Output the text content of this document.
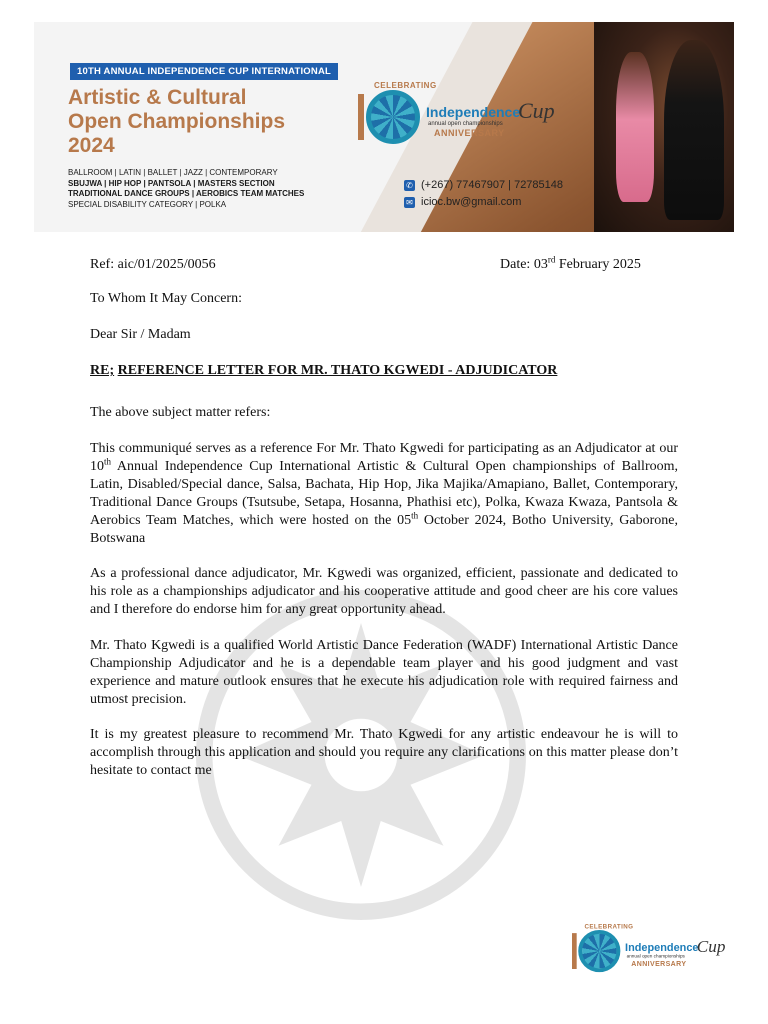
10TH ANNUAL INDEPENDENCE CUP INTERNATIONAL
Artistic & Cultural
Open Championships
2024
BALLROOM | LATIN | BALLET | JAZZ | CONTEMPORARY
SBUJWA | HIP HOP | PANTSOLA | MASTERS SECTION
TRADITIONAL DANCE GROUPS | AEROBICS TEAM MATCHES
SPECIAL DISABILITY CATEGORY | POLKA
CELEBRATING
Independence
annual open championships
ANNIVERSARY
Cup
✆ (+267) 77467907 | 72785148
✉ icioc.bw@gmail.com
Ref: aic/01/2025/0056	Date: 03rd February 2025
To Whom It May Concern:
Dear Sir / Madam
RE; REFERENCE LETTER FOR MR. THATO KGWEDI - ADJUDICATOR
The above subject matter refers:
This communiqué serves as a reference For Mr. Thato Kgwedi for participating as an Adjudicator at our 10th Annual Independence Cup International Artistic & Cultural Open championships of Ballroom, Latin, Disabled/Special dance, Salsa, Bachata, Hip Hop, Jika Majika/Amapiano, Ballet, Contemporary, Traditional Dance Groups (Tsutsube, Setapa, Hosanna, Phathisi etc), Polka, Kwaza Kwaza, Pantsola & Aerobics Team Matches, which were hosted on the 05th October 2024, Botho University, Gaborone, Botswana
As a professional dance adjudicator, Mr. Kgwedi was organized, efficient, passionate and dedicated to his role as a championships adjudicator and his cooperative attitude and good cheer are his core values and I therefore do endorse him for any great opportunity ahead.
Mr. Thato Kgwedi is a qualified World Artistic Dance Federation (WADF) International Artistic Dance Championship Adjudicator and he is a dependable team player and his good judgment and vast experience and mature outlook ensures that he execute his adjudication role with required fairness and utmost precision.
It is my greatest pleasure to recommend Mr. Thato Kgwedi for any artistic endeavour he is will to accomplish through this application and should you require any clarifications on this matter please don’t hesitate to contact me
CELEBRATING
Independence
annual open championships
ANNIVERSARY
Cup
